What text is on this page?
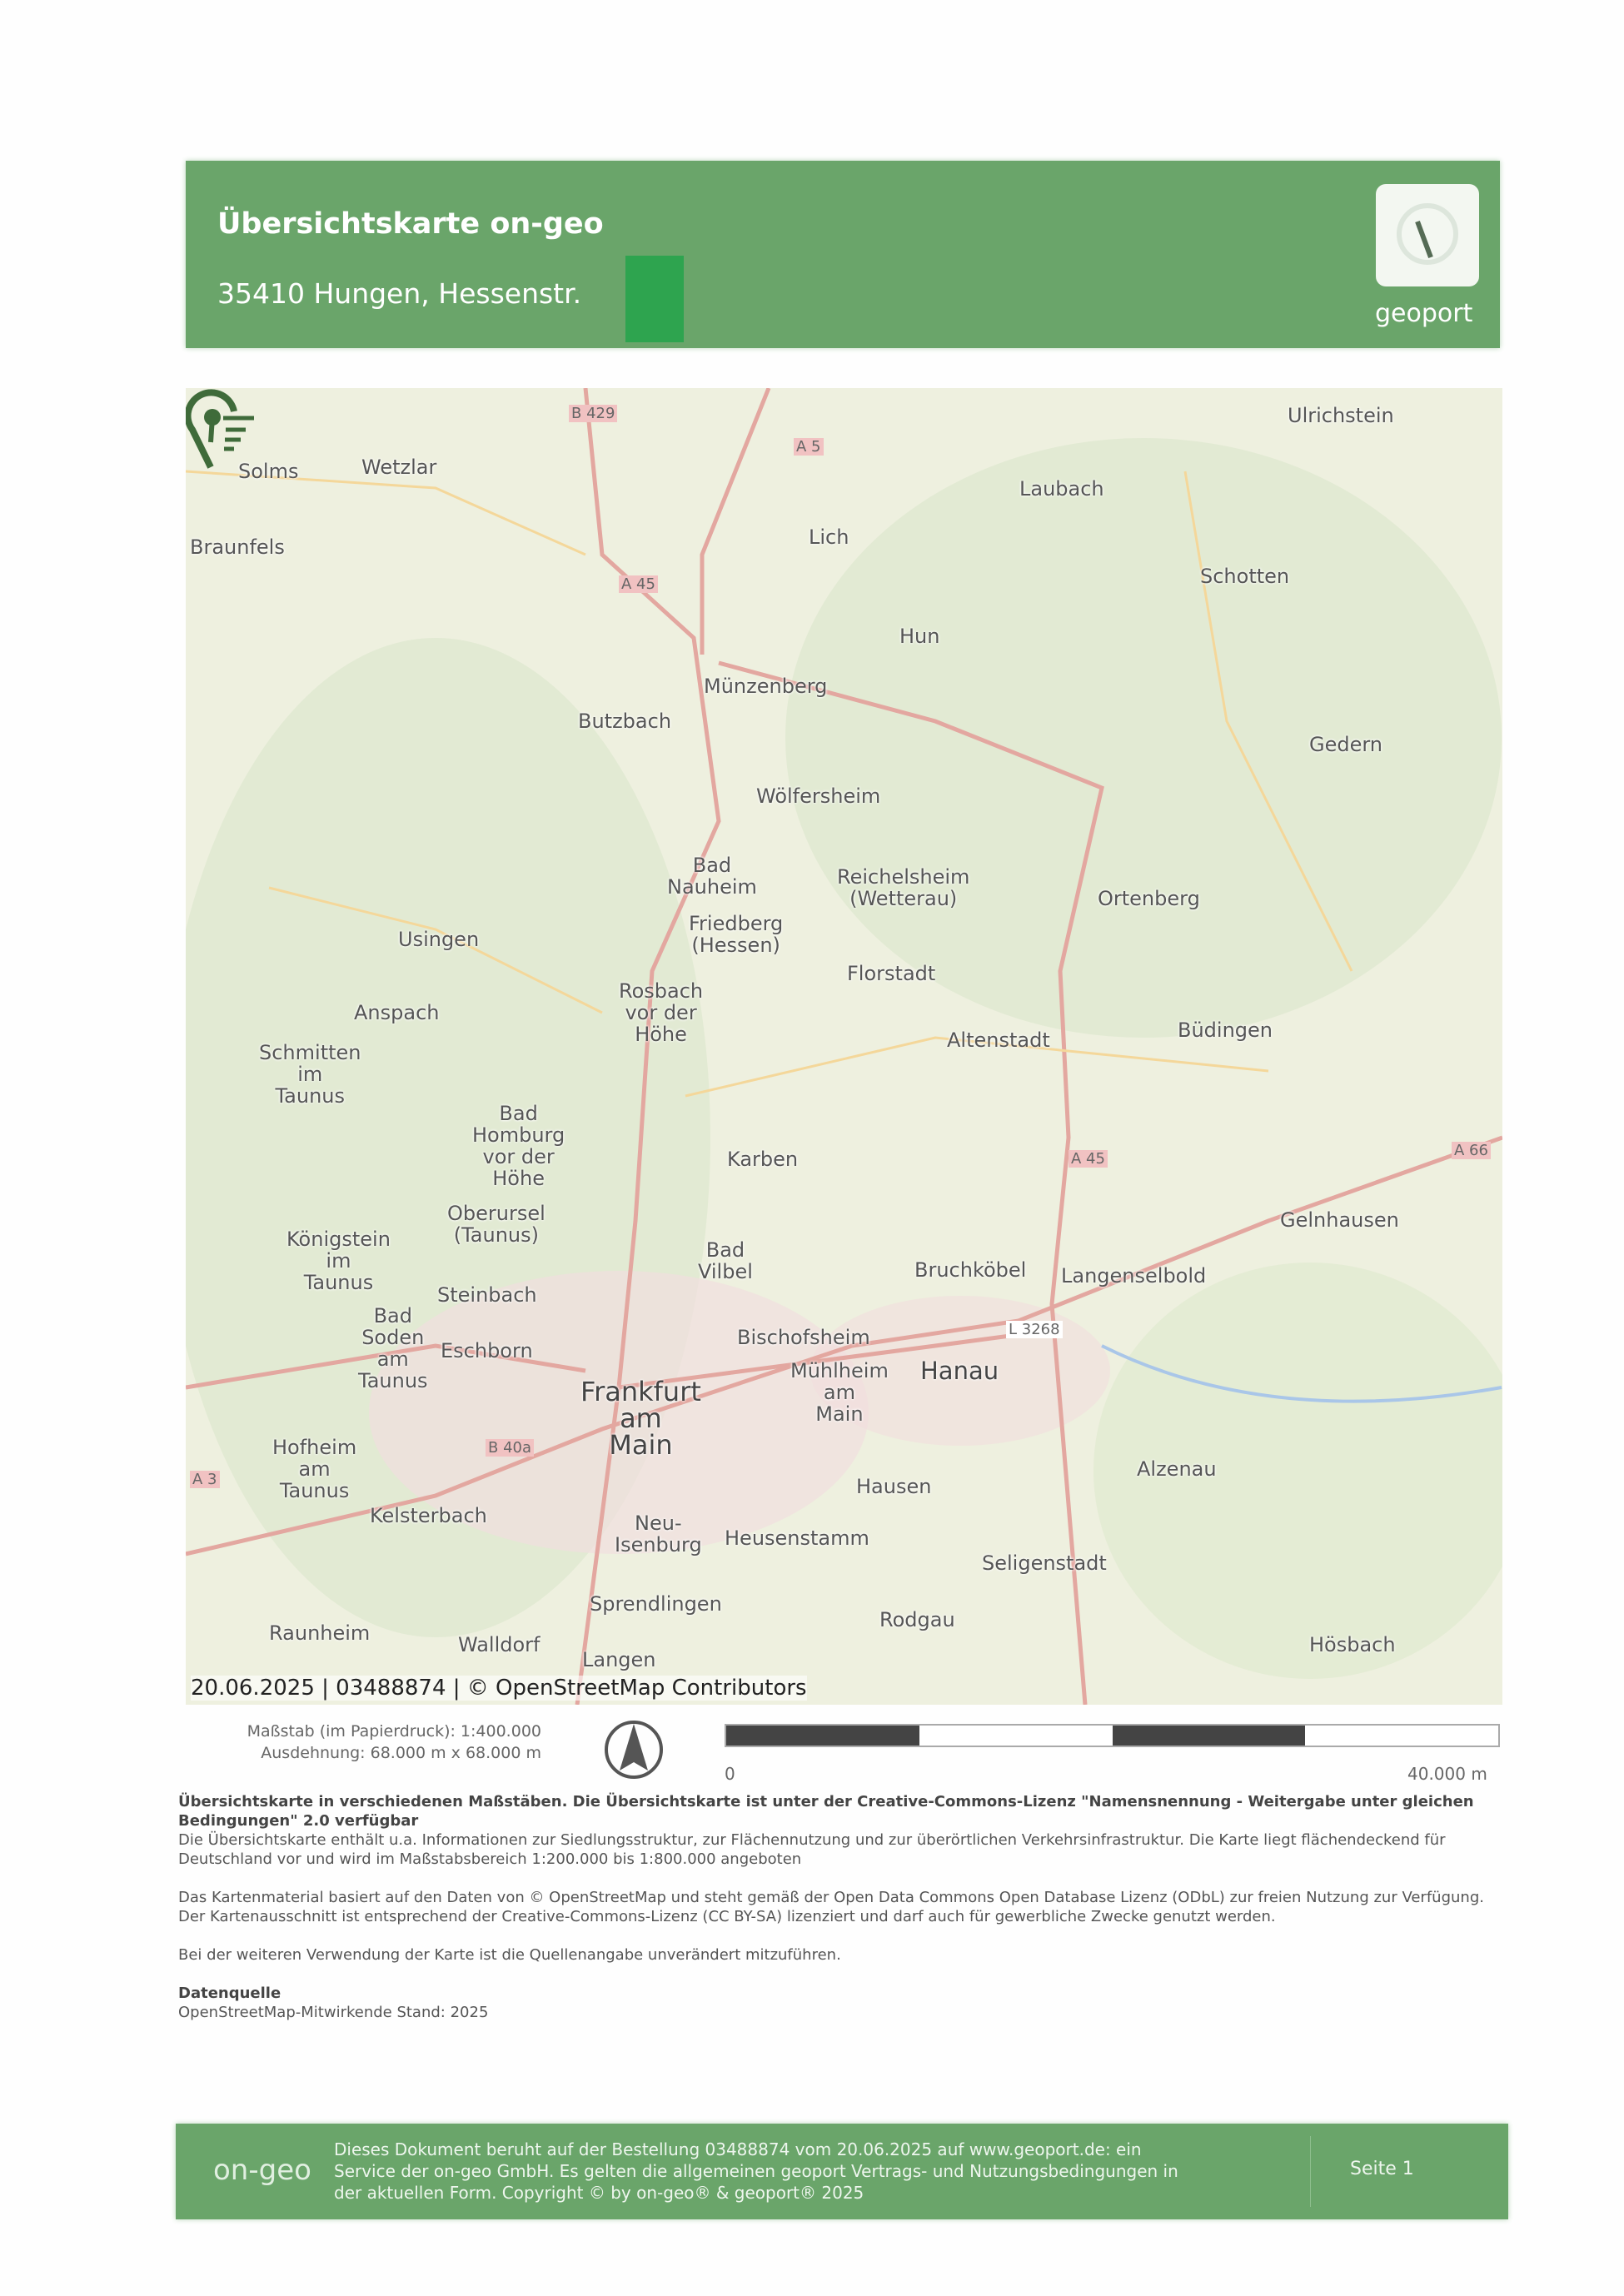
Übersichtskarte on-geo
35410 Hungen, Hessenstr.
geoport
Ulrichstein
Laubach
Solms	Wetzlar
Braunfels	Lich
Schotten
Hun
Münzenberg
Butzbach
Gedern
Wölfersheim
Bad
Nauheim	Reichelsheim
(Wetterau)	Ortenberg
Friedberg
(Hessen)
Usingen
Florstadt
Rosbach
vor der
Höhe
Anspach
Altenstadt	Büdingen
Schmitten
im
Taunus
Bad
Homburg
vor der
Höhe
Karben
Oberursel
(Taunus)
Königstein
im
Taunus
Bad
Vilbel
Gelnhausen
Bruchköbel Langenselbold
Steinbach
Bad
Soden
am
Taunus
Eschborn
Bischofsheim
Mühlheim
am
Main
Hanau
Frankfurt
am
Main
Hofheim
am
Taunus
Alzenau
Hausen
Kelsterbach	Neu-
Isenburg Heusenstamm
Seligenstadt
Sprendlingen
Rodgau
Raunheim	Walldorf
Langen
Hösbach
B 429
A 5
A 45
A 45	A 66
A 3
L 3268
B 40a
20.06.2025 | 03488874 | © OpenStreetMap Contributors
Maßstab (im Papierdruck): 1:400.000
Ausdehnung: 68.000 m x 68.000 m
0	40.000 m
Übersichtskarte in verschiedenen Maßstäben. Die Übersichtskarte ist unter der Creative-Commons-Lizenz "Namensnennung - Weitergabe unter gleichen Bedingungen" 2.0 verfügbar

Die Übersichtskarte enthält u.a. Informationen zur Siedlungsstruktur, zur Flächennutzung und zur überörtlichen Verkehrsinfrastruktur. Die Karte liegt flächendeckend für Deutschland vor und wird im Maßstabsbereich 1:200.000 bis 1:800.000 angeboten

Das Kartenmaterial basiert auf den Daten von © OpenStreetMap und steht gemäß der Open Data Commons Open Database Lizenz (ODbL) zur freien Nutzung zur Verfügung. Der Kartenausschnitt ist entsprechend der Creative-Commons-Lizenz (CC BY-SA) lizenziert und darf auch für gewerbliche Zwecke genutzt werden.

Bei der weiteren Verwendung der Karte ist die Quellenangabe unverändert mitzuführen.

Datenquelle
OpenStreetMap-Mitwirkende Stand: 2025
on-geo
Dieses Dokument beruht auf der Bestellung 03488874 vom 20.06.2025 auf www.geoport.de: ein Service der on-geo GmbH. Es gelten die allgemeinen geoport Vertrags- und Nutzungsbedingungen in der aktuellen Form. Copyright © by on-geo® & geoport® 2025
Seite 1
